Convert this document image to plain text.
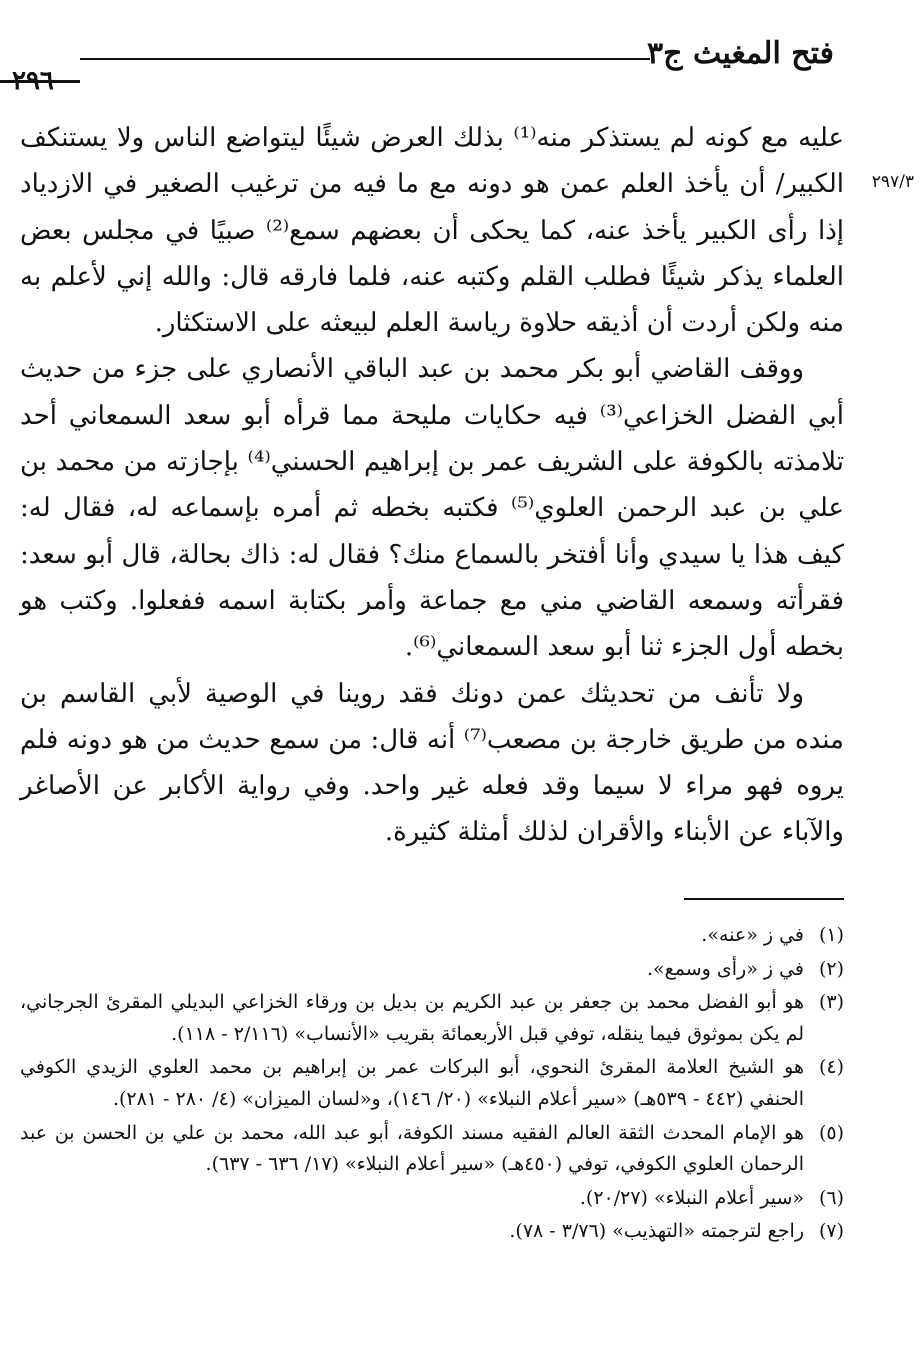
فتح المغيث ج٣
٢٩٦
٢٩٧/٣

عليه مع كونه لم يستذكر منه⁽¹⁾ بذلك العرض شيئًا ليتواضع الناس ولا يستنكف الكبير/ أن يأخذ العلم عمن هو دونه مع ما فيه من ترغيب الصغير في الازدياد إذا رأى الكبير يأخذ عنه، كما يحكى أن بعضهم سمع⁽²⁾ صبيًا في مجلس بعض العلماء يذكر شيئًا فطلب القلم وكتبه عنه، فلما فارقه قال: والله إني لأعلم به منه ولكن أردت أن أذيقه حلاوة رياسة العلم لبيعثه على الاستكثار.

ووقف القاضي أبو بكر محمد بن عبد الباقي الأنصاري على جزء من حديث أبي الفضل الخزاعي⁽³⁾ فيه حكايات مليحة مما قرأه أبو سعد السمعاني أحد تلامذته بالكوفة على الشريف عمر بن إبراهيم الحسني⁽⁴⁾ بإجازته من محمد بن علي بن عبد الرحمن العلوي⁽⁵⁾ فكتبه بخطه ثم أمره بإسماعه له، فقال له: كيف هذا يا سيدي وأنا أفتخر بالسماع منك؟ فقال له: ذاك بحالة، قال أبو سعد: فقرأته وسمعه القاضي مني مع جماعة وأمر بكتابة اسمه ففعلوا. وكتب هو بخطه أول الجزء ثنا أبو سعد السمعاني⁽⁶⁾.

ولا تأنف من تحديثك عمن دونك فقد روينا في الوصية لأبي القاسم بن منده من طريق خارجة بن مصعب⁽⁷⁾ أنه قال: من سمع حديث من هو دونه فلم يروه فهو مراء لا سيما وقد فعله غير واحد. وفي رواية الأكابر عن الأصاغر والآباء عن الأبناء والأقران لذلك أمثلة كثيرة.

(١)
في ز «عنه».
(٢)
في ز «رأى وسمع».
(٣)
هو أبو الفضل محمد بن جعفر بن عبد الكريم بن بديل بن ورقاء الخزاعي البديلي المقرئ الجرجاني، لم يكن بموثوق فيما ينقله، توفي قبل الأربعمائة بقريب «الأنساب» (٢/١١٦ - ١١٨).
(٤)
هو الشيخ العلامة المقرئ النحوي، أبو البركات عمر بن إبراهيم بن محمد العلوي الزيدي الكوفي الحنفي (٤٤٢ - ٥٣٩هـ) «سير أعلام النبلاء» (٢٠/ ١٤٦)، و«لسان الميزان» (٤/ ٢٨٠ - ٢٨١).
(٥)
هو الإمام المحدث الثقة العالم الفقيه مسند الكوفة، أبو عبد الله، محمد بن علي بن الحسن بن عبد الرحمان العلوي الكوفي، توفي (٤٥٠هـ) «سير أعلام النبلاء» (١٧/ ٦٣٦ - ٦٣٧).
(٦)
«سير أعلام النبلاء» (٢٠/٢٧).
(٧)
راجع لترجمته «التهذيب» (٣/٧٦ - ٧٨).
